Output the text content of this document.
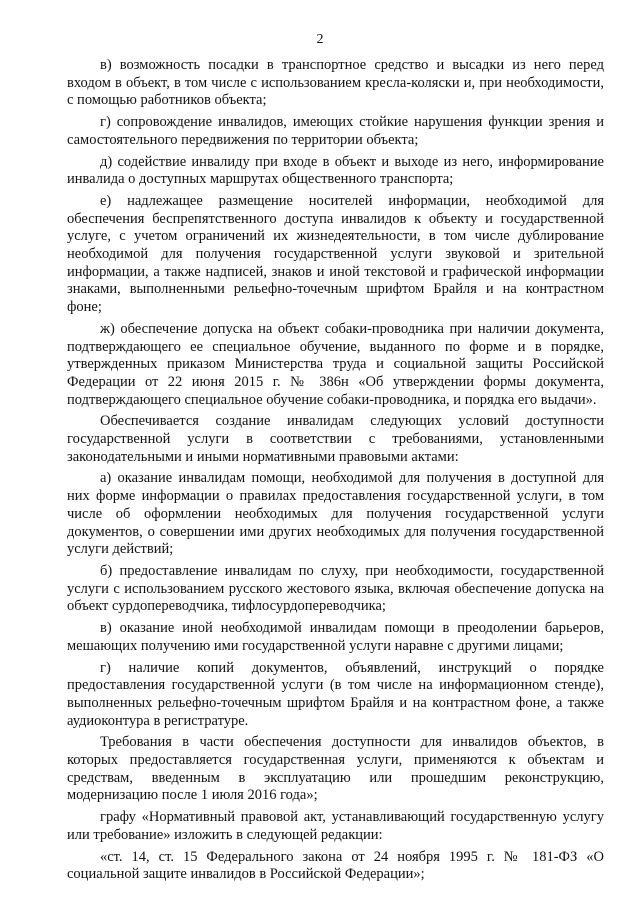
2

в) возможность посадки в транспортное средство и высадки из него перед входом в объект, в том числе с использованием кресла-коляски и, при необходимости, с помощью работников объекта;

г) сопровождение инвалидов, имеющих стойкие нарушения функции зрения и самостоятельного передвижения по территории объекта;

д) содействие инвалиду при входе в объект и выходе из него, информирование инвалида о доступных маршрутах общественного транспорта;

е) надлежащее размещение носителей информации, необходимой для обеспечения беспрепятственного доступа инвалидов к объекту и государственной услуге, с учетом ограничений их жизнедеятельности, в том числе дублирование необходимой для получения государственной услуги звуковой и зрительной информации, а также надписей, знаков и иной текстовой и графической информации знаками, выполненными рельефно-точечным шрифтом Брайля и на контрастном фоне;

ж) обеспечение допуска на объект собаки-проводника при наличии документа, подтверждающего ее специальное обучение, выданного по форме и в порядке, утвержденных приказом Министерства труда и социальной защиты Российской Федерации от 22 июня 2015 г. № 386н «Об утверждении формы документа, подтверждающего специальное обучение собаки-проводника, и порядка его выдачи».

Обеспечивается создание инвалидам следующих условий доступности государственной услуги в соответствии с требованиями, установленными законодательными и иными нормативными правовыми актами:

а) оказание инвалидам помощи, необходимой для получения в доступной для них форме информации о правилах предоставления государственной услуги, в том числе об оформлении необходимых для получения государственной услуги документов, о совершении ими других необходимых для получения государственной услуги действий;

б) предоставление инвалидам по слуху, при необходимости, государственной услуги с использованием русского жестового языка, включая обеспечение допуска на объект сурдопереводчика, тифлосурдопереводчика;

в) оказание иной необходимой инвалидам помощи в преодолении барьеров, мешающих получению ими государственной услуги наравне с другими лицами;

г) наличие копий документов, объявлений, инструкций о порядке предоставления государственной услуги (в том числе на информационном стенде), выполненных рельефно-точечным шрифтом Брайля и на контрастном фоне, а также аудиоконтура в регистратуре.

Требования в части обеспечения доступности для инвалидов объектов, в которых предоставляется государственная услуги, применяются к объектам и средствам, введенным в эксплуатацию или прошедшим реконструкцию, модернизацию после 1 июля 2016 года»;

графу «Нормативный правовой акт, устанавливающий государственную услугу или требование» изложить в следующей редакции:

«ст. 14, ст. 15 Федерального закона от 24 ноября 1995 г. № 181-ФЗ «О социальной защите инвалидов в Российской Федерации»;
